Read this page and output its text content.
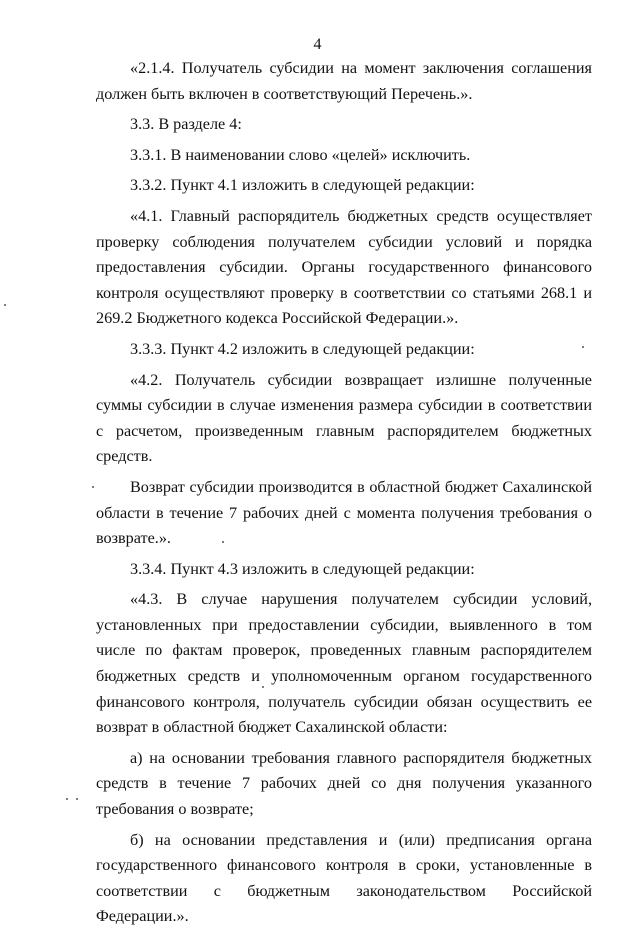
4

«2.1.4. Получатель субсидии на момент заключения соглашения должен быть включен в соответствующий Перечень.».

3.3. В разделе 4:

3.3.1. В наименовании слово «целей» исключить.

3.3.2. Пункт 4.1 изложить в следующей редакции:

«4.1. Главный распорядитель бюджетных средств осуществляет проверку соблюдения получателем субсидии условий и порядка предоставления субсидии. Органы государственного финансового контроля осуществляют проверку в соответствии со статьями 268.1 и 269.2 Бюджетного кодекса Российской Федерации.».

3.3.3. Пункт 4.2 изложить в следующей редакции:

«4.2. Получатель субсидии возвращает излишне полученные суммы субсидии в случае изменения размера субсидии в соответствии с расчетом, произведенным главным распорядителем бюджетных средств.

Возврат субсидии производится в областной бюджет Сахалинской области в течение 7 рабочих дней с момента получения требования о возврате.».

3.3.4. Пункт 4.3 изложить в следующей редакции:

«4.3. В случае нарушения получателем субсидии условий, установленных при предоставлении субсидии, выявленного в том числе по фактам проверок, проведенных главным распорядителем бюджетных средств и уполномоченным органом государственного финансового контроля, получатель субсидии обязан осуществить ее возврат в областной бюджет Сахалинской области:

а) на основании требования главного распорядителя бюджетных средств в течение 7 рабочих дней со дня получения указанного требования о возврате;

б) на основании представления и (или) предписания органа государственного финансового контроля в сроки, установленные в соответствии с бюджетным законодательством Российской Федерации.».
